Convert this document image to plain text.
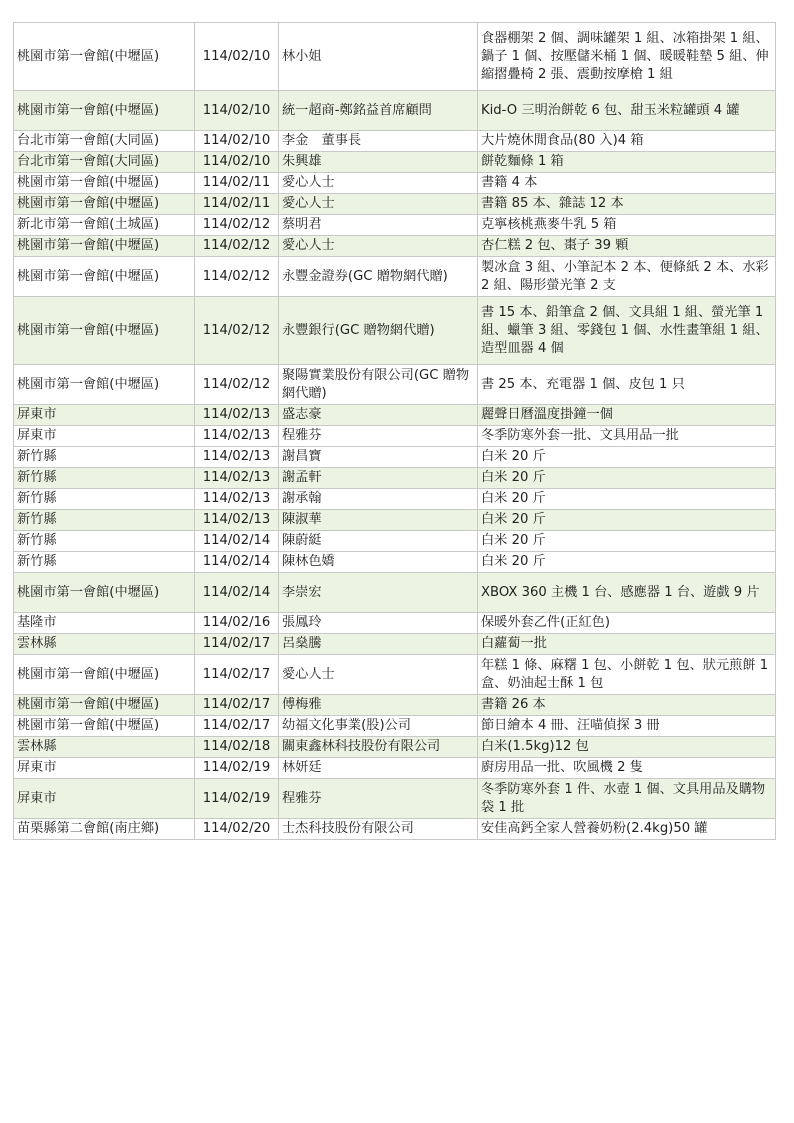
桃園市第一會館(中壢區)	114/02/10	林小姐	食器棚架 2 個、調味罐架 1 組、冰箱掛架 1 組、鍋子 1 個、按壓儲米桶 1 個、暖暖鞋墊 5 組、伸縮摺疊椅 2 張、震動按摩槍 1 組
桃園市第一會館(中壢區)	114/02/10	統一超商-鄭銘益首席顧問	Kid-O 三明治餅乾 6 包、甜玉米粒罐頭 4 罐
台北市第一會館(大同區)	114/02/10	李金　董事長	大片燒休閒食品(80 入)4 箱
台北市第一會館(大同區)	114/02/10	朱興雄	餅乾麵條 1 箱
桃園市第一會館(中壢區)	114/02/11	愛心人士	書籍 4 本
桃園市第一會館(中壢區)	114/02/11	愛心人士	書籍 85 本、雜誌 12 本
新北市第一會館(土城區)	114/02/12	蔡明君	克寧核桃燕麥牛乳 5 箱
桃園市第一會館(中壢區)	114/02/12	愛心人士	杏仁糕 2 包、棗子 39 顆
桃園市第一會館(中壢區)	114/02/12	永豐金證券(GC 贈物網代贈)	製冰盒 3 組、小筆記本 2 本、便條紙 2 本、水彩 2 組、陽形螢光筆 2 支
桃園市第一會館(中壢區)	114/02/12	永豐銀行(GC 贈物網代贈)	書 15 本、鉛筆盒 2 個、文具組 1 組、螢光筆 1 組、蠟筆 3 組、零錢包 1 個、水性畫筆組 1 組、造型皿器 4 個
桃園市第一會館(中壢區)	114/02/12	聚陽實業股份有限公司(GC 贈物網代贈)	書 25 本、充電器 1 個、皮包 1 只
屏東市	114/02/13	盛志豪	麗聲日曆溫度掛鐘一個
屏東市	114/02/13	程雅芬	冬季防寒外套一批、文具用品一批
新竹縣	114/02/13	謝昌寶	白米 20 斤
新竹縣	114/02/13	謝孟軒	白米 20 斤
新竹縣	114/02/13	謝承翰	白米 20 斤
新竹縣	114/02/13	陳淑華	白米 20 斤
新竹縣	114/02/14	陳蔚綎	白米 20 斤
新竹縣	114/02/14	陳林色嬌	白米 20 斤
桃園市第一會館(中壢區)	114/02/14	李崇宏	XBOX 360 主機 1 台、感應器 1 台、遊戲 9 片
基隆市	114/02/16	張鳳玲	保暖外套乙件(正紅色)
雲林縣	114/02/17	呂燊騰	白蘿蔔一批
桃園市第一會館(中壢區)	114/02/17	愛心人士	年糕 1 條、麻糬 1 包、小餅乾 1 包、狀元煎餅 1 盒、奶油起士酥 1 包
桃園市第一會館(中壢區)	114/02/17	傅梅雅	書籍 26 本
桃園市第一會館(中壢區)	114/02/17	幼福文化事業(股)公司	節日繪本 4 冊、汪喵偵探 3 冊
雲林縣	114/02/18	關東鑫林科技股份有限公司	白米(1.5kg)12 包
屏東市	114/02/19	林妍廷	廚房用品一批、吹風機 2 隻
屏東市	114/02/19	程雅芬	冬季防寒外套 1 件、水壺 1 個、文具用品及購物袋 1 批
苗栗縣第二會館(南庄鄉)	114/02/20	士杰科技股份有限公司	安佳高鈣全家人營養奶粉(2.4kg)50 罐
